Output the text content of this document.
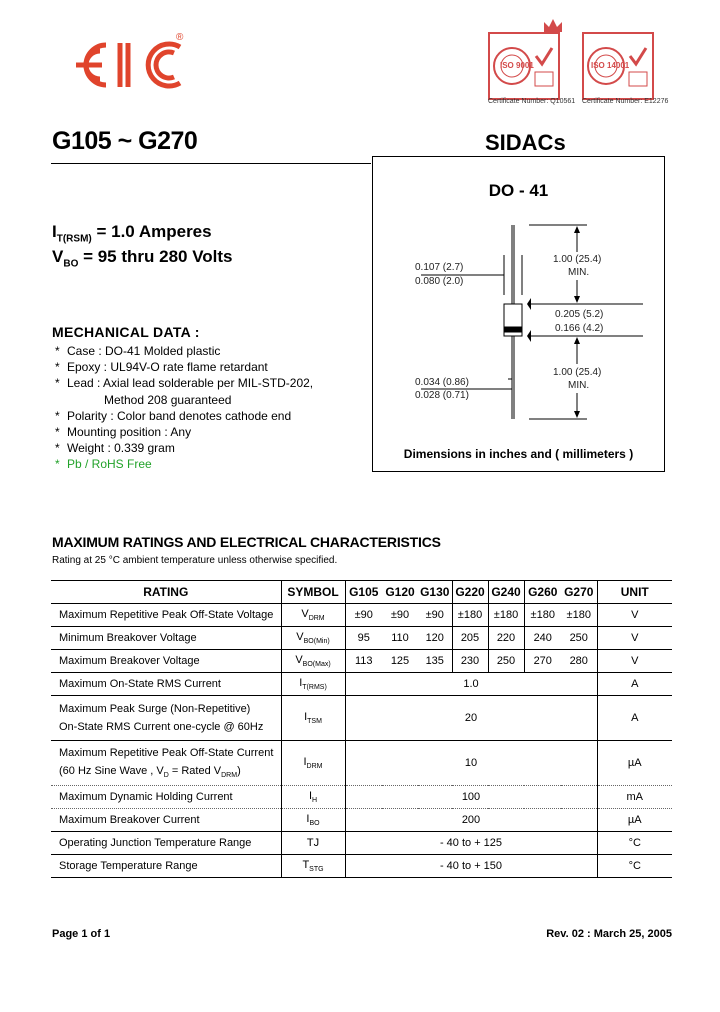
®
ISO 9001	ISO 14001
Certificate Number: Q10561 Certificate Number: E12276
G105 ~ G270	SIDACs
$I_{T(RSM)} = 1.0$ Amperes
$V_{BO} = 95$ thru 280 Volts
MECHANICAL DATA :
* Case : DO-41 Molded plastic
* Epoxy : UL94V-O rate flame retardant
* Lead : Axial lead solderable per MIL-STD-202,
Method 208 guaranteed
* Polarity : Color band denotes cathode end
* Mounting position : Any
* Weight : 0.339 gram
* Pb / RoHS Free
DO - 41
1.00 (25.4)
MIN.
0.107 (2.7)
0.080 (2.0)
0.205 (5.2)
0.166 (4.2)
0.034 (0.86)
0.028 (0.71)
1.00 (25.4)
MIN.
Dimensions in inches and ( millimeters )
MAXIMUM RATINGS AND ELECTRICAL CHARACTERISTICS
Rating at 25 °C ambient temperature unless otherwise specified.
RATING	SYMBOL	G105	G120	G130	G220	G240	G260	G270	UNIT
Maximum Repetitive Peak Off-State Voltage	$V_{DRM}$	±90	±90	±90	±180	±180	±180	±180	V
Minimum Breakover Voltage	$V_{BO(Min)}$	95	110	120	205	220	240	250	V
Maximum Breakover Voltage	$V_{BO(Max)}$	113	125	135	230	250	270	280	V
Maximum On-State RMS Current	$I_{T(RMS)}$	1.0							A

Maximum Peak Surge (Non-Repetitive)
On-State RMS Current one-cycle @ 60Hz	$I_{TSM}$	20							A

Maximum Repetitive Peak Off-State Current
(60 Hz Sine Wave , $V_D$ = Rated $V_{DRM}$)	$I_{DRM}$	10							µA
Maximum Dynamic Holding Current	$I_H$	100							mA
Maximum Breakover Current	$I_{BO}$	200							µA
Operating Junction Temperature Range	TJ	- 40 to + 125							°C
Storage Temperature Range	$T_{STG}$	- 40 to + 150							°C
Page 1 of 1	Rev. 02 : March 25, 2005
